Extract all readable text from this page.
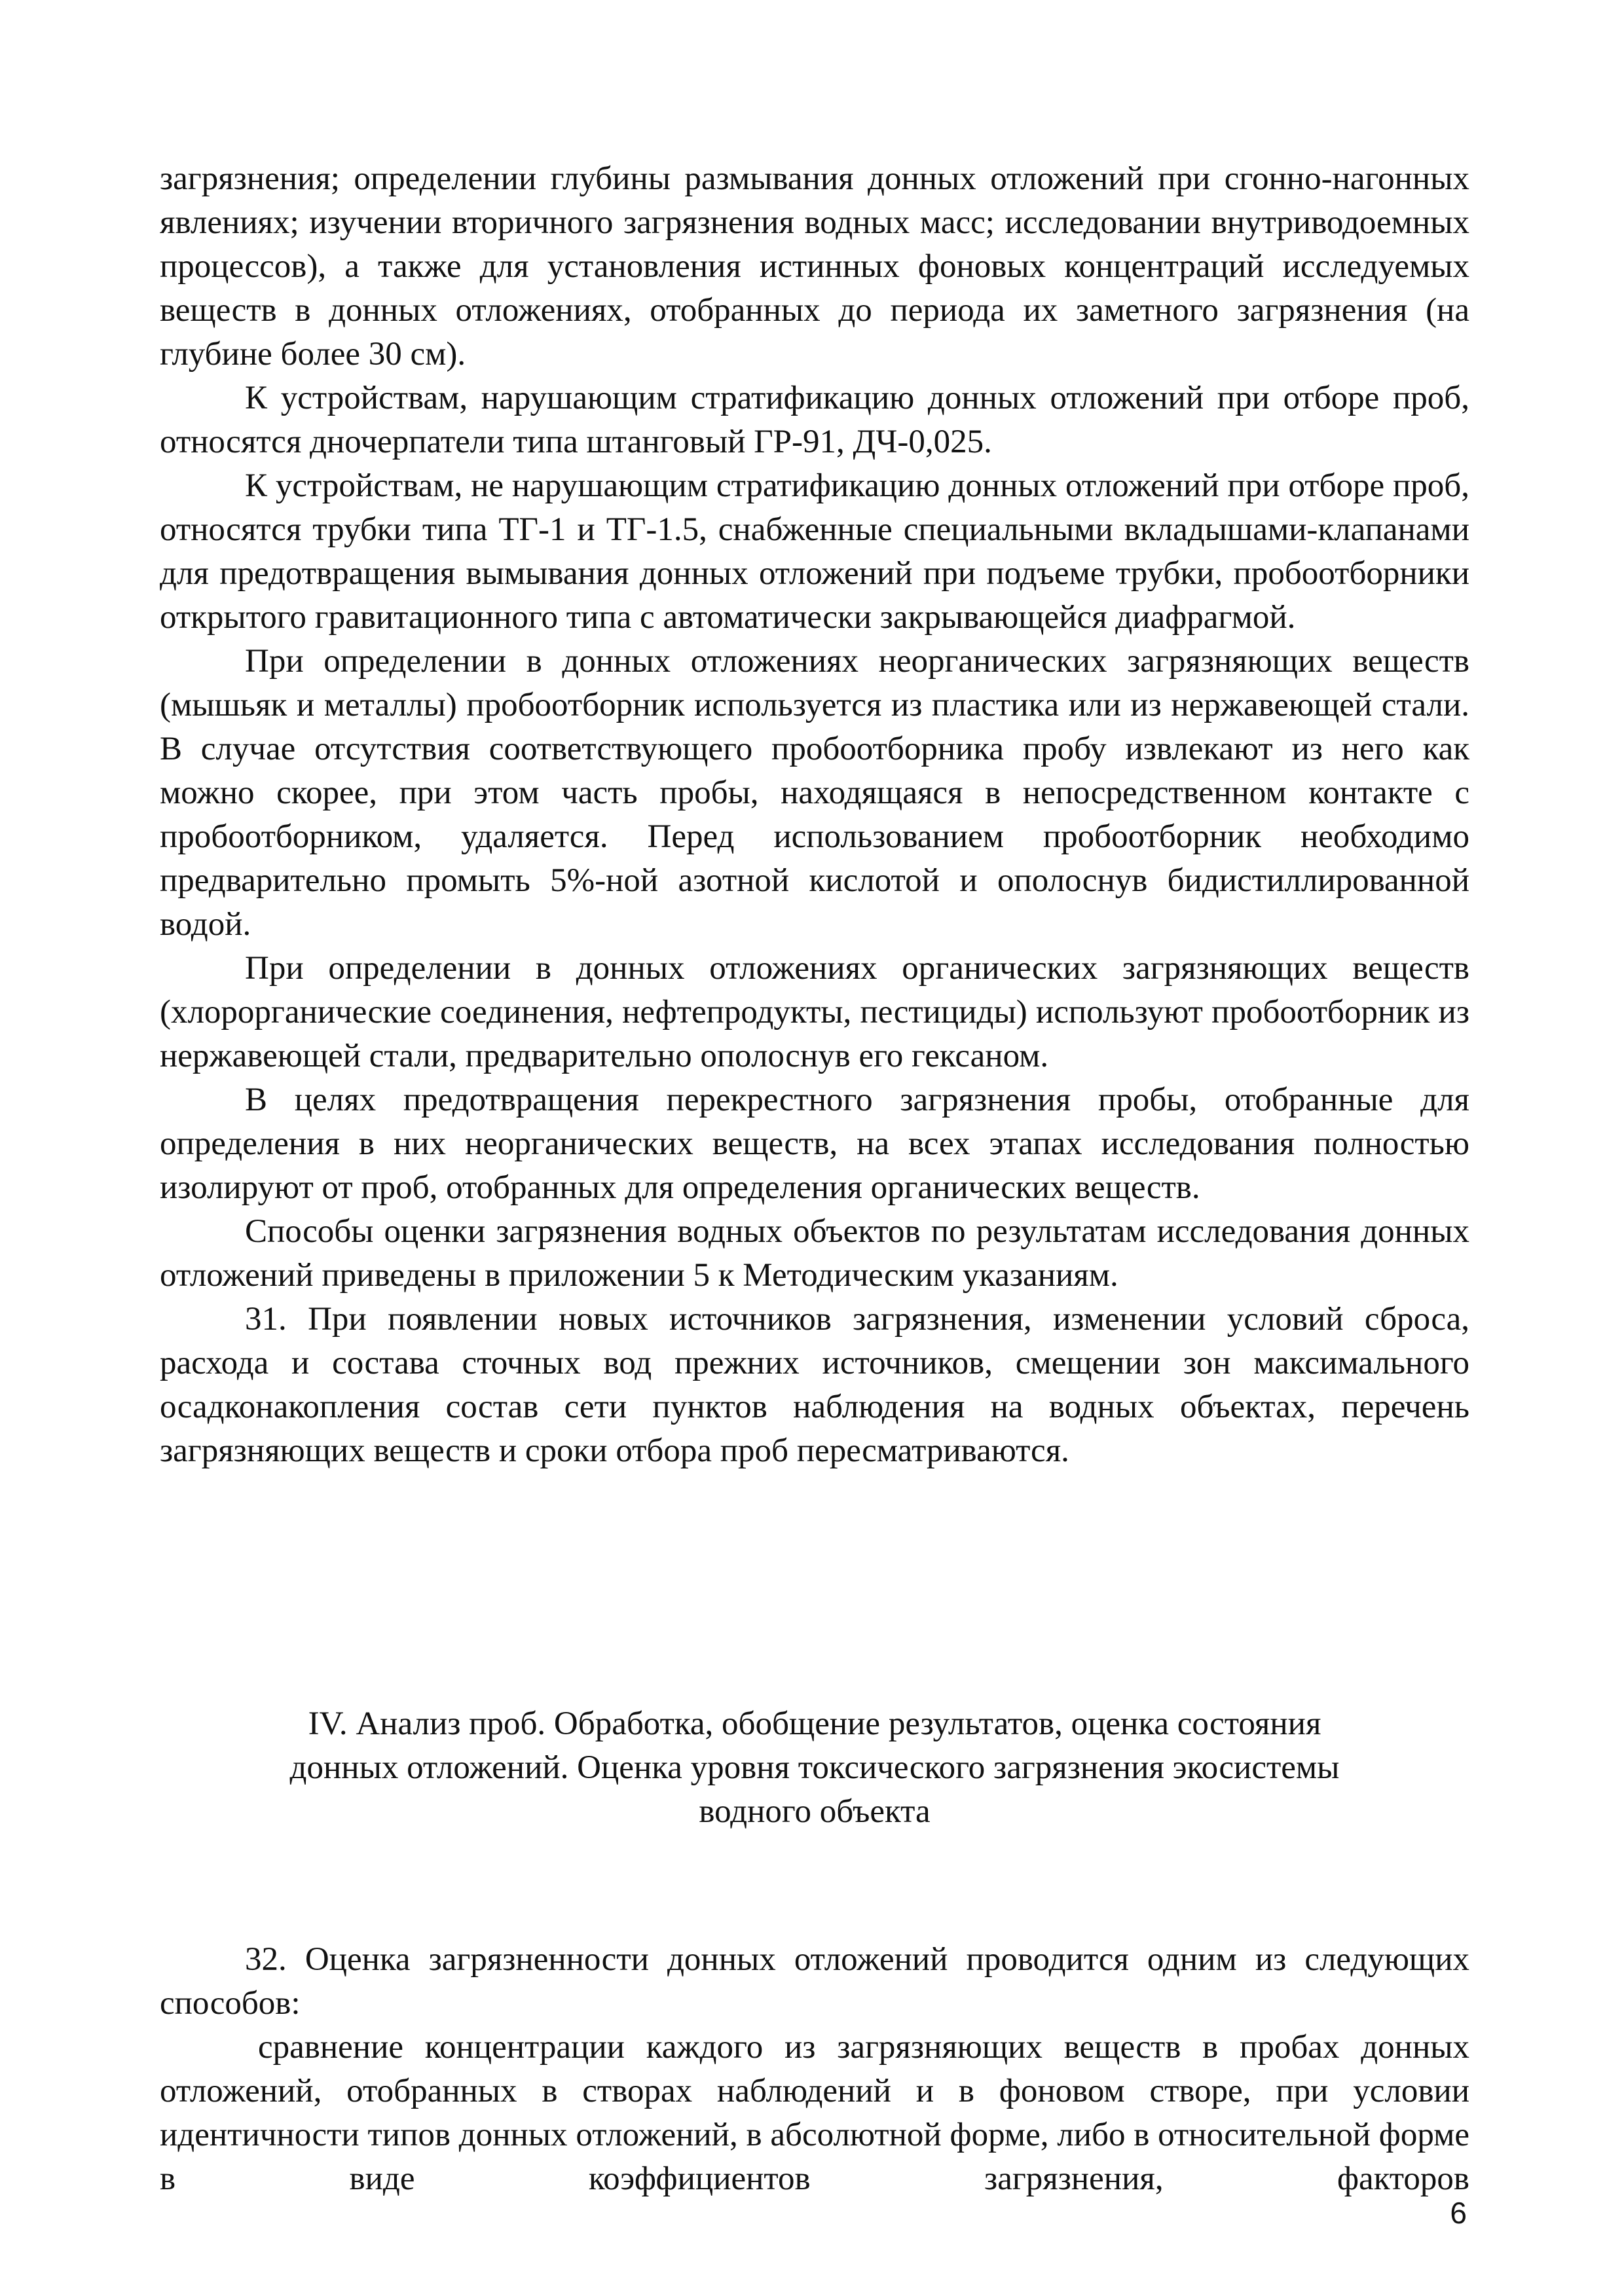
загрязнения; определении глубины размывания донных отложений при сгонно-нагонных явлениях; изучении вторичного загрязнения водных масс; исследовании внутриводоемных процессов), а также для установления истинных фоновых концентраций исследуемых веществ в донных отложениях, отобранных до периода их заметного загрязнения (на глубине более 30 см).

К устройствам, нарушающим стратификацию донных отложений при отборе проб, относятся дночерпатели типа штанговый ГР-91, ДЧ-0,025.

К устройствам, не нарушающим стратификацию донных отложений при отборе проб, относятся трубки типа ТГ-1 и ТГ-1.5, снабженные специальными вкладышами-клапанами для предотвращения вымывания донных отложений при подъеме трубки, пробоотборники открытого гравитационного типа с автоматически закрывающейся диафрагмой.

При определении в донных отложениях неорганических загрязняющих веществ (мышьяк и металлы) пробоотборник используется из пластика или из нержавеющей стали. В случае отсутствия соответствующего пробоотборника пробу извлекают из него как можно скорее, при этом часть пробы, находящаяся в непосредственном контакте с пробоотборником, удаляется. Перед использованием пробоотборник необходимо предварительно промыть 5%-ной азотной кислотой и ополоснув бидистиллированной водой.

При определении в донных отложениях органических загрязняющих веществ (хлорорганические соединения, нефтепродукты, пестициды) используют пробоотборник из нержавеющей стали, предварительно ополоснув его гексаном.

В целях предотвращения перекрестного загрязнения пробы, отобранные для определения в них неорганических веществ, на всех этапах исследования полностью изолируют от проб, отобранных для определения органических веществ.

Способы оценки загрязнения водных объектов по результатам исследования донных отложений приведены в приложении 5 к Методическим указаниям.

31. При появлении новых источников загрязнения, изменении условий сброса, расхода и состава сточных вод прежних источников, смещении зон максимального осадконакопления состав сети пунктов наблюдения на водных объектах, перечень загрязняющих веществ и сроки отбора проб пересматриваются.

IV. Анализ проб. Обработка, обобщение результатов, оценка состояния
донных отложений. Оценка уровня токсического загрязнения экосистемы
водного объекта

32. Оценка загрязненности донных отложений проводится одним из следующих способов:

сравнение концентрации каждого из загрязняющих веществ в пробах донных отложений, отобранных в створах наблюдений и в фоновом створе, при условии идентичности типов донных отложений, в абсолютной форме, либо в относительной форме в виде коэффициентов загрязнения, факторов

6
